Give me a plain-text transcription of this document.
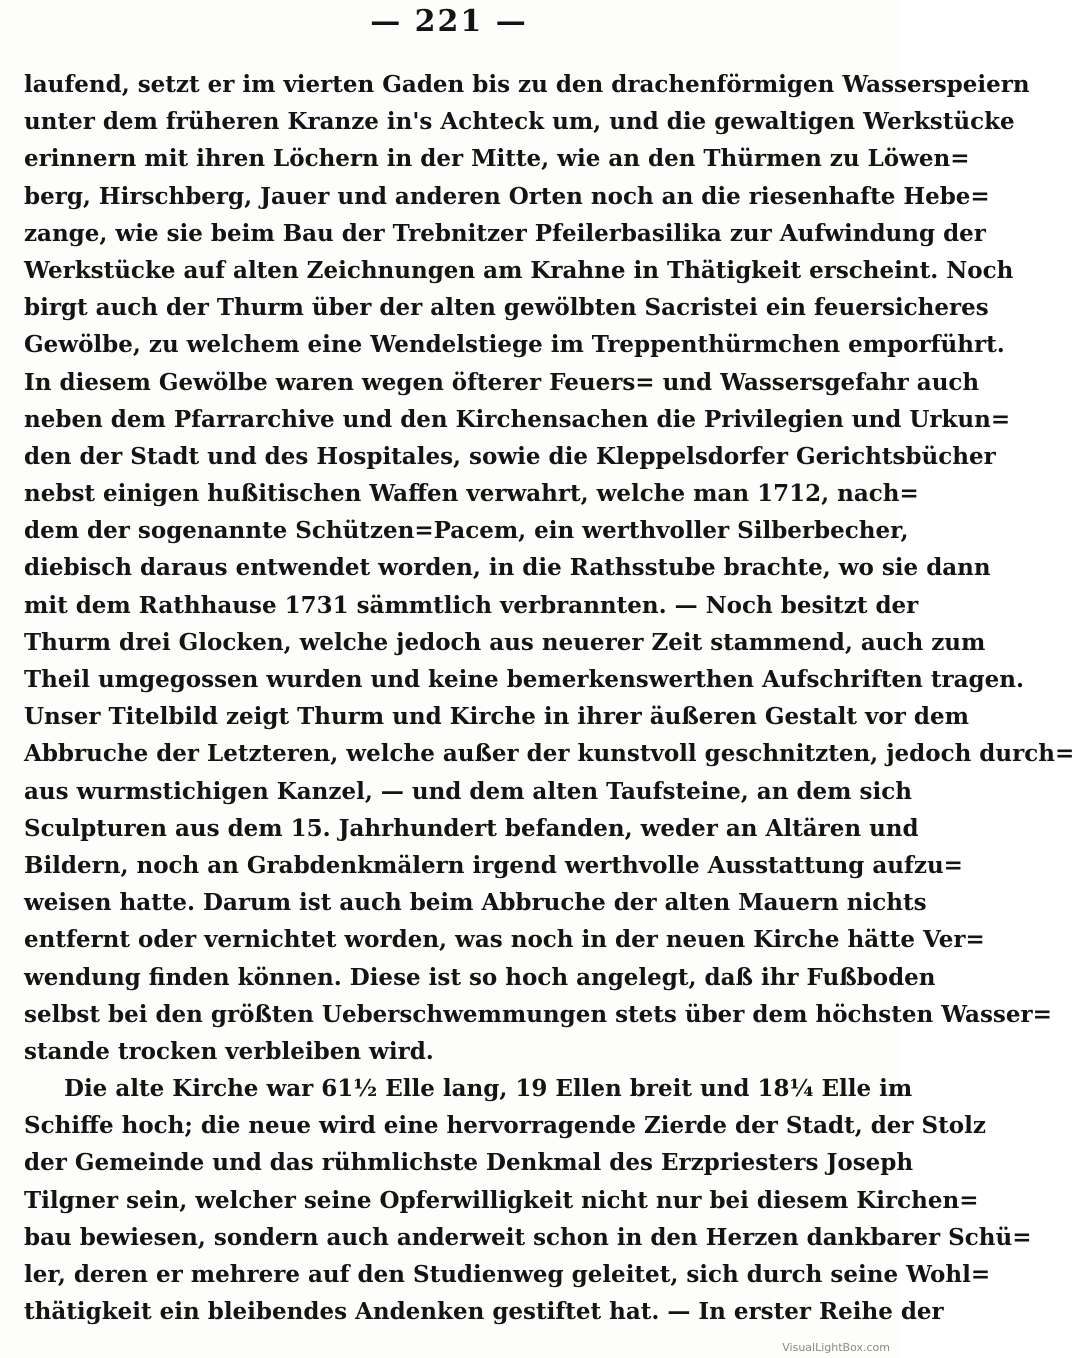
— 221 —
laufend, setzt er im vierten Gaden bis zu den drachenförmigen Wasserspeiern
unter dem früheren Kranze in's Achteck um, und die gewaltigen Werkstücke
erinnern mit ihren Löchern in der Mitte, wie an den Thürmen zu Löwen=
berg, Hirschberg, Jauer und anderen Orten noch an die riesenhafte Hebe=
zange, wie sie beim Bau der Trebnitzer Pfeilerbasilika zur Aufwindung der
Werkstücke auf alten Zeichnungen am Krahne in Thätigkeit erscheint. Noch
birgt auch der Thurm über der alten gewölbten Sacristei ein feuersicheres
Gewölbe, zu welchem eine Wendelstiege im Treppenthürmchen emporführt.
In diesem Gewölbe waren wegen öfterer Feuers= und Wassersgefahr auch
neben dem Pfarrarchive und den Kirchensachen die Privilegien und Urkun=
den der Stadt und des Hospitales, sowie die Kleppelsdorfer Gerichtsbücher
nebst einigen hußitischen Waffen verwahrt, welche man 1712, nach=
dem der sogenannte Schützen=Pacem, ein werthvoller Silberbecher,
diebisch daraus entwendet worden, in die Rathsstube brachte, wo sie dann
mit dem Rathhause 1731 sämmtlich verbrannten. — Noch besitzt der
Thurm drei Glocken, welche jedoch aus neuerer Zeit stammend, auch zum
Theil umgegossen wurden und keine bemerkenswerthen Aufschriften tragen.
Unser Titelbild zeigt Thurm und Kirche in ihrer äußeren Gestalt vor dem
Abbruche der Letzteren, welche außer der kunstvoll geschnitzten, jedoch durch=
aus wurmstichigen Kanzel, — und dem alten Taufsteine, an dem sich
Sculpturen aus dem 15. Jahrhundert befanden, weder an Altären und
Bildern, noch an Grabdenkmälern irgend werthvolle Ausstattung aufzu=
weisen hatte. Darum ist auch beim Abbruche der alten Mauern nichts
entfernt oder vernichtet worden, was noch in der neuen Kirche hätte Ver=
wendung finden können. Diese ist so hoch angelegt, daß ihr Fußboden
selbst bei den größten Ueberschwemmungen stets über dem höchsten Wasser=
stande trocken verbleiben wird.
Die alte Kirche war 61½ Elle lang, 19 Ellen breit und 18¼ Elle im
Schiffe hoch; die neue wird eine hervorragende Zierde der Stadt, der Stolz
der Gemeinde und das rühmlichste Denkmal des Erzpriesters Joseph
Tilgner sein, welcher seine Opferwilligkeit nicht nur bei diesem Kirchen=
bau bewiesen, sondern auch anderweit schon in den Herzen dankbarer Schü=
ler, deren er mehrere auf den Studienweg geleitet, sich durch seine Wohl=
thätigkeit ein bleibendes Andenken gestiftet hat. — In erster Reihe der
VisualLightBox.com
